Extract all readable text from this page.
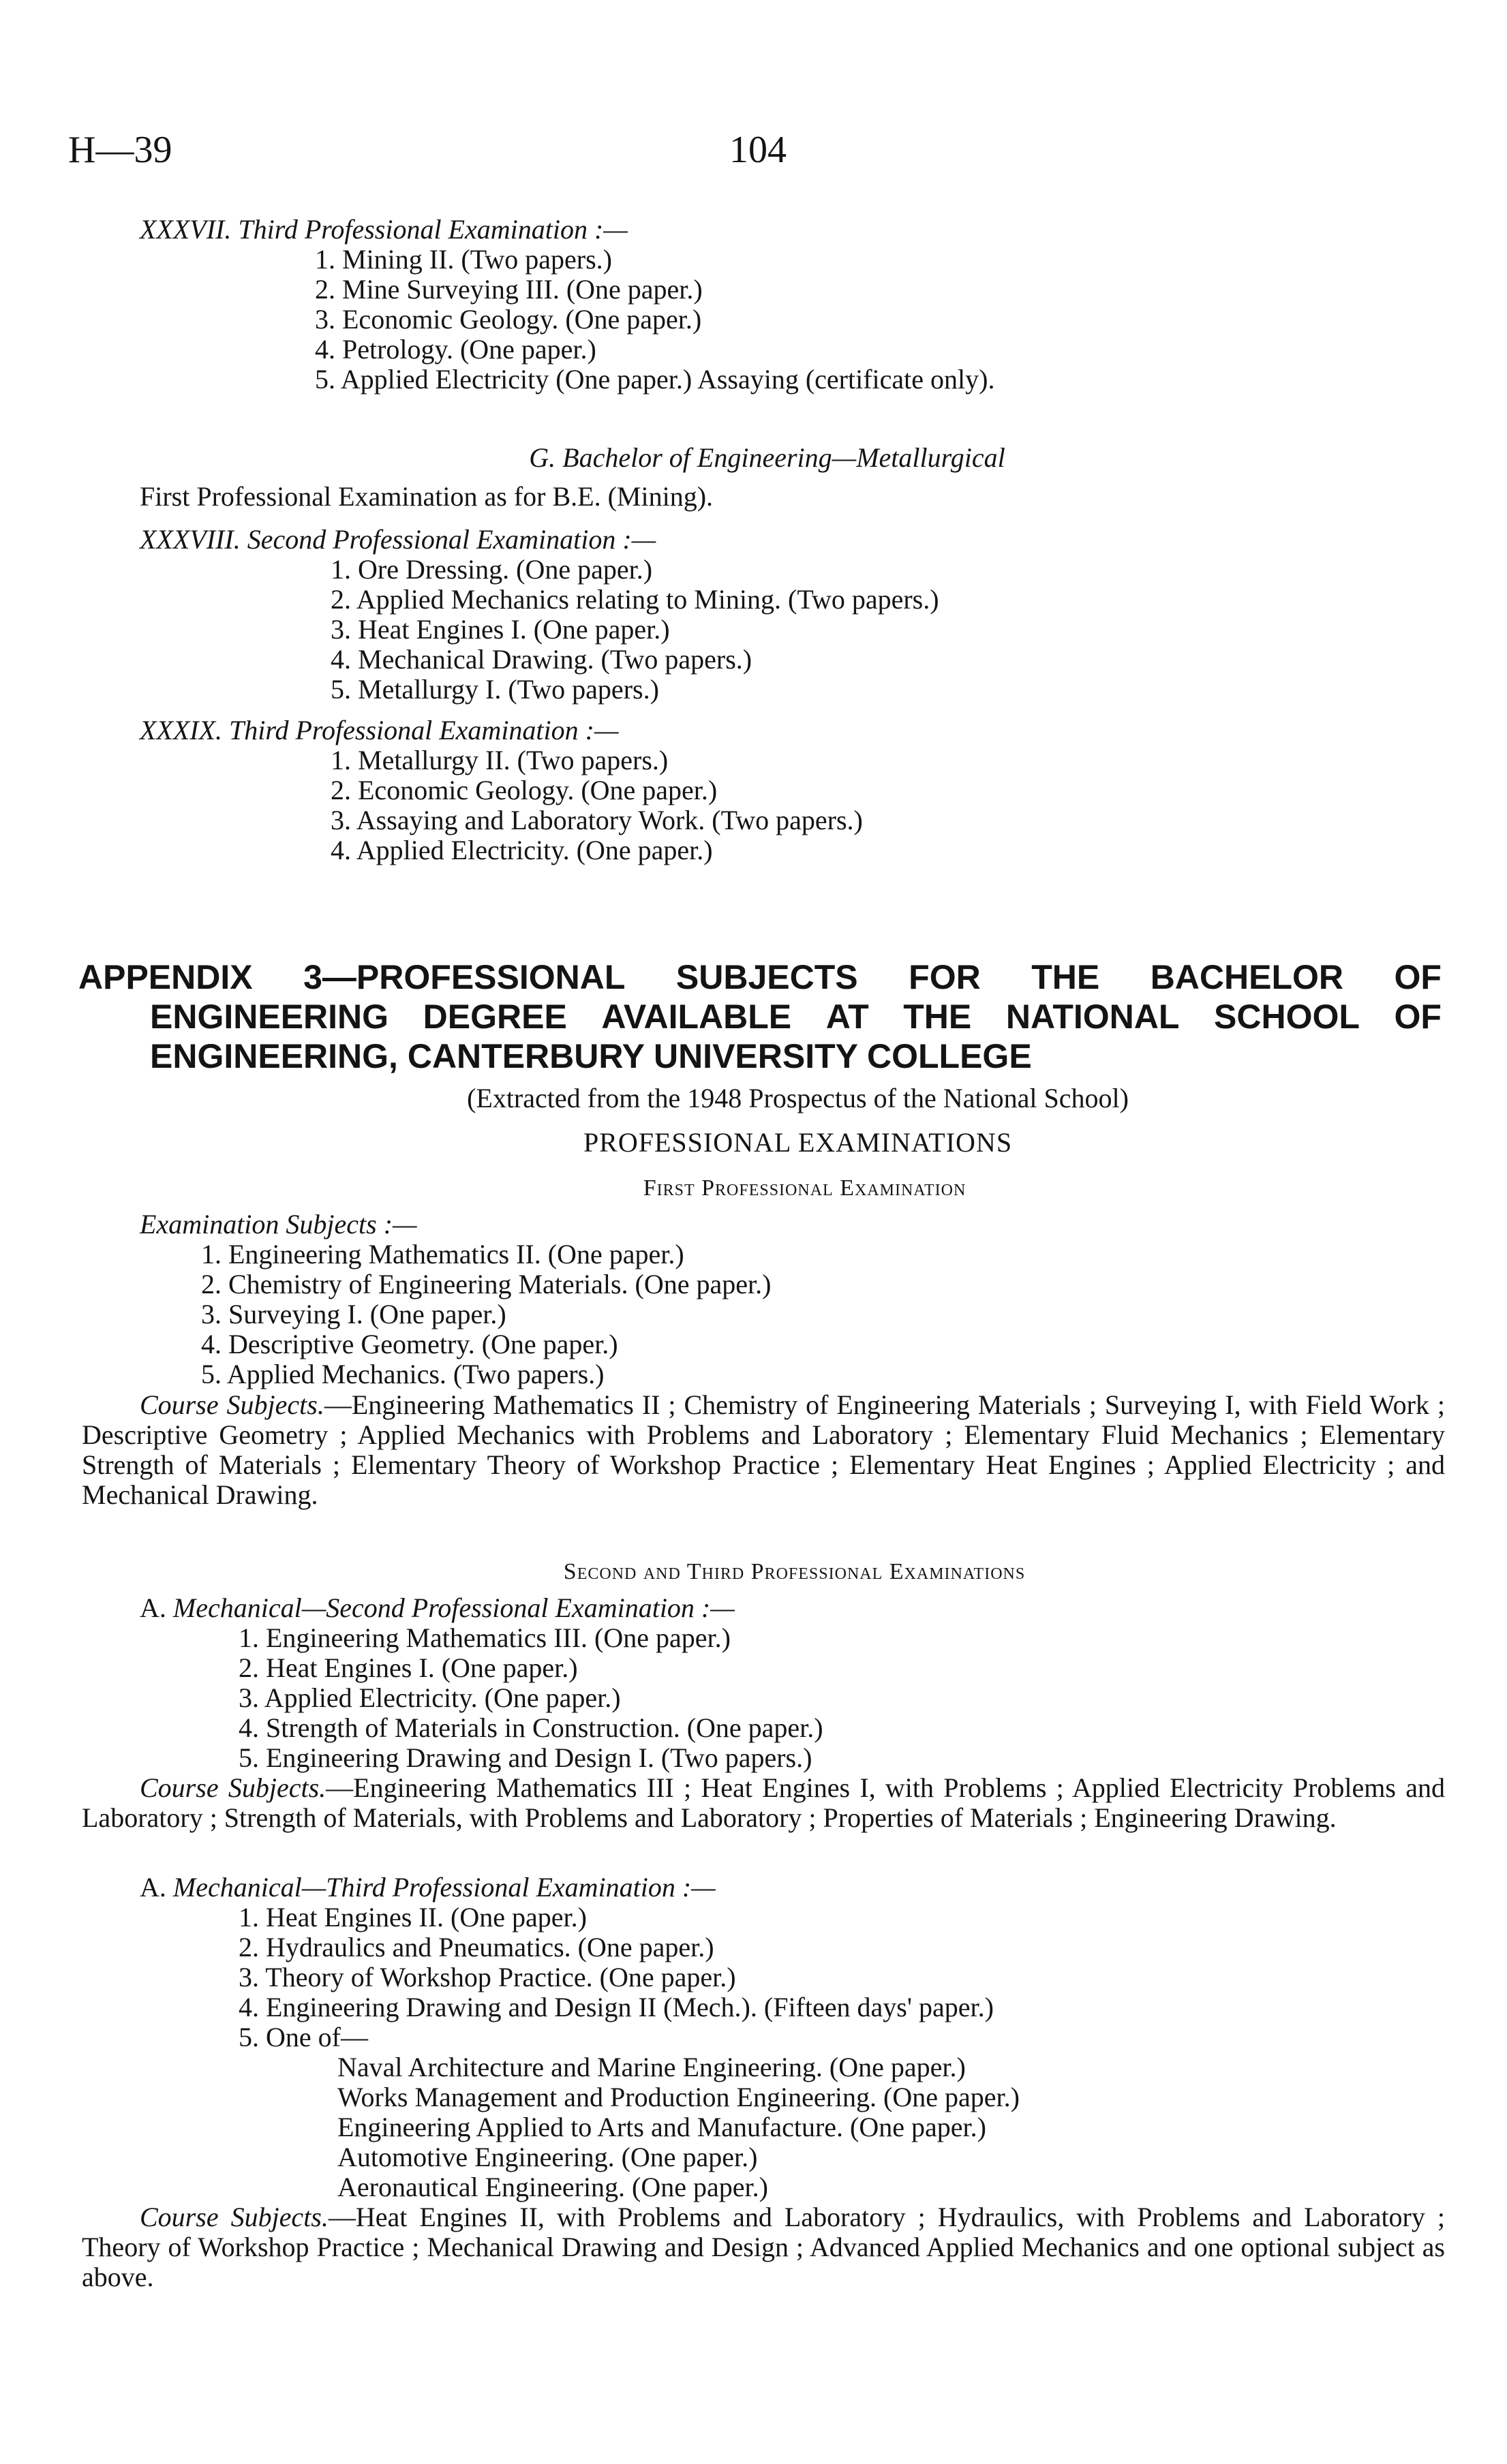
H—39	104
XXXVII. Third Professional Examination :—
1. Mining II. (Two papers.)
2. Mine Surveying III. (One paper.)
3. Economic Geology. (One paper.)
4. Petrology. (One paper.)
5. Applied Electricity (One paper.) Assaying (certificate only).
G. Bachelor of Engineering—Metallurgical
First Professional Examination as for B.E. (Mining).
XXXVIII. Second Professional Examination :—
1. Ore Dressing. (One paper.)
2. Applied Mechanics relating to Mining. (Two papers.)
3. Heat Engines I. (One paper.)
4. Mechanical Drawing. (Two papers.)
5. Metallurgy I. (Two papers.)
XXXIX. Third Professional Examination :—
1. Metallurgy II. (Two papers.)
2. Economic Geology. (One paper.)
3. Assaying and Laboratory Work. (Two papers.)
4. Applied Electricity. (One paper.)
APPENDIX 3—PROFESSIONAL SUBJECTS FOR THE BACHELOR OF
ENGINEERING DEGREE AVAILABLE AT THE NATIONAL SCHOOL OF
ENGINEERING, CANTERBURY UNIVERSITY COLLEGE
(Extracted from the 1948 Prospectus of the National School)
PROFESSIONAL EXAMINATIONS
First Professional Examination
Examination Subjects :—
1. Engineering Mathematics II. (One paper.)
2. Chemistry of Engineering Materials. (One paper.)
3. Surveying I. (One paper.)
4. Descriptive Geometry. (One paper.)
5. Applied Mechanics. (Two papers.)
Course Subjects.—Engineering Mathematics II ; Chemistry of Engineering Materials ; Surveying I, with Field Work ; Descriptive Geometry ; Applied Mechanics with Problems and Laboratory ; Elementary Fluid Mechanics ; Elementary Strength of Materials ; Elementary Theory of Workshop Practice ; Elementary Heat Engines ; Applied Electricity ; and Mechanical Drawing.
Second and Third Professional Examinations
A. Mechanical—Second Professional Examination :—
1. Engineering Mathematics III. (One paper.)
2. Heat Engines I. (One paper.)
3. Applied Electricity. (One paper.)
4. Strength of Materials in Construction. (One paper.)
5. Engineering Drawing and Design I. (Two papers.)
Course Subjects.—Engineering Mathematics III ; Heat Engines I, with Problems ; Applied Electricity Problems and Laboratory ; Strength of Materials, with Problems and Laboratory ; Properties of Materials ; Engineering Drawing.
A. Mechanical—Third Professional Examination :—
1. Heat Engines II. (One paper.)
2. Hydraulics and Pneumatics. (One paper.)
3. Theory of Workshop Practice. (One paper.)
4. Engineering Drawing and Design II (Mech.). (Fifteen days' paper.)
5. One of—
Naval Architecture and Marine Engineering. (One paper.)
Works Management and Production Engineering. (One paper.)
Engineering Applied to Arts and Manufacture. (One paper.)
Automotive Engineering. (One paper.)
Aeronautical Engineering. (One paper.)
Course Subjects.—Heat Engines II, with Problems and Laboratory ; Hydraulics, with Problems and Laboratory ; Theory of Workshop Practice ; Mechanical Drawing and Design ; Advanced Applied Mechanics and one optional subject as above.
